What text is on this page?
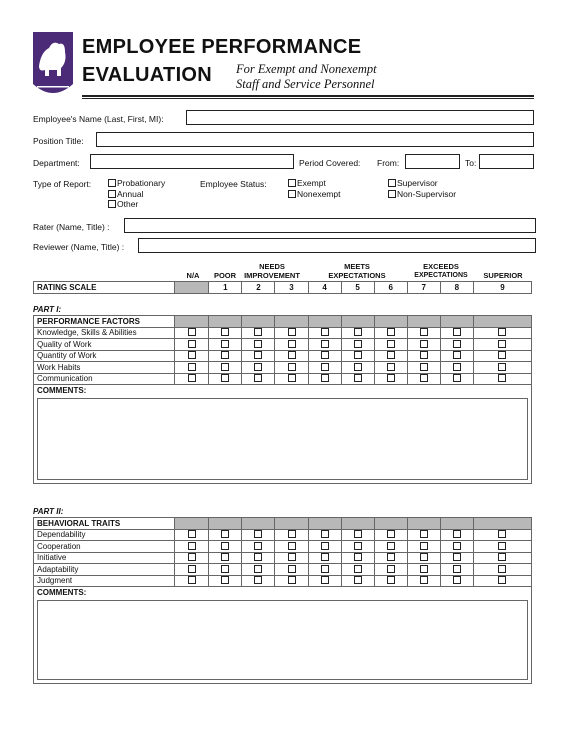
EMPLOYEE PERFORMANCE
EVALUATION For Exempt and Nonexempt
Staff and Service Personnel
Employee's Name (Last, First, MI):
Position Title:
Department:	Period Covered: From:	To:
Type of Report:	Probationary
Annual
Other
Employee Status:	Exempt
Nonexempt
Supervisor
Non-Supervisor
Rater (Name, Title) :
Reviewer (Name, Title) :
N/A	POOR
NEEDS
IMPROVEMENT
MEETS
EXPECTATIONS
EXCEEDS
EXPECTATIONS	SUPERIOR
RATING SCALE		1	2	3	4	5	6	7	8	9
PART I:
PERFORMANCE FACTORS										
Knowledge, Skills & Abilities										
Quality of Work										
Quantity of Work										
Work Habits										
Communication										
COMMENTS:										
PART II:
BEHAVIORAL TRAITS										
Dependability										
Cooperation										
Initiative										
Adaptability										
Judgment										
COMMENTS:										
